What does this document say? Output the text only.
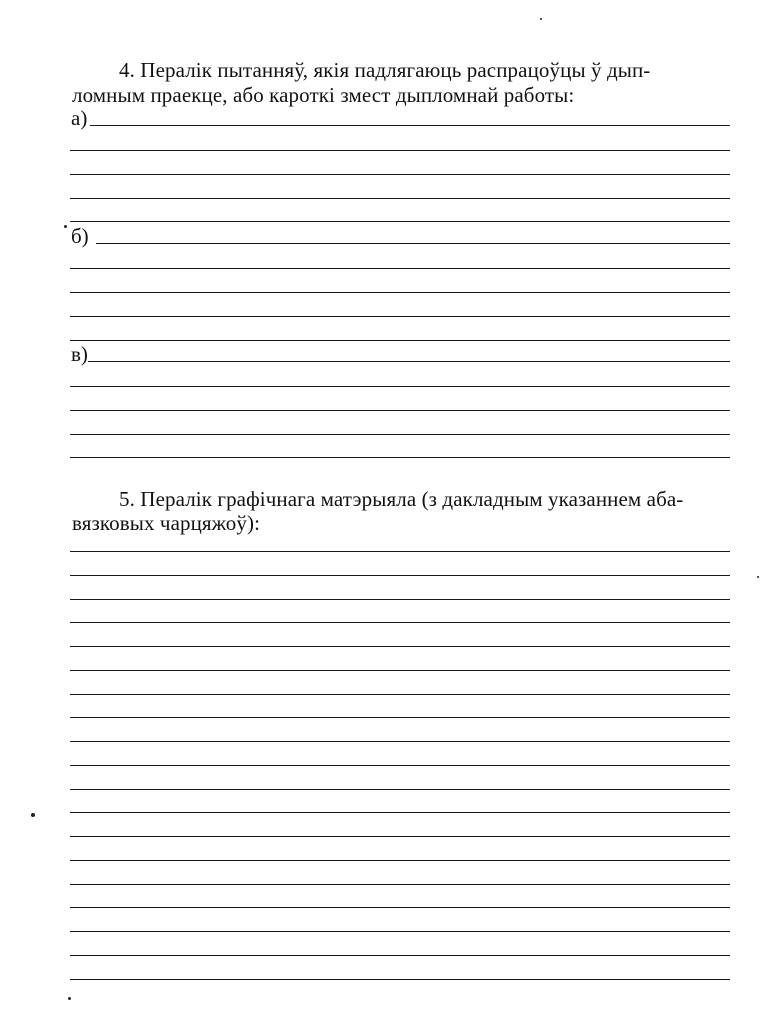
4. Пералік пытанняў, якія падлягаюць распрацоўцы ў дып-
ломным праекце, або кароткі змест дыпломнай работы:
а)
б)
в)
5. Пералік графічнага матэрыяла (з дакладным указаннем аба-
вязковых чарцяжоў):
